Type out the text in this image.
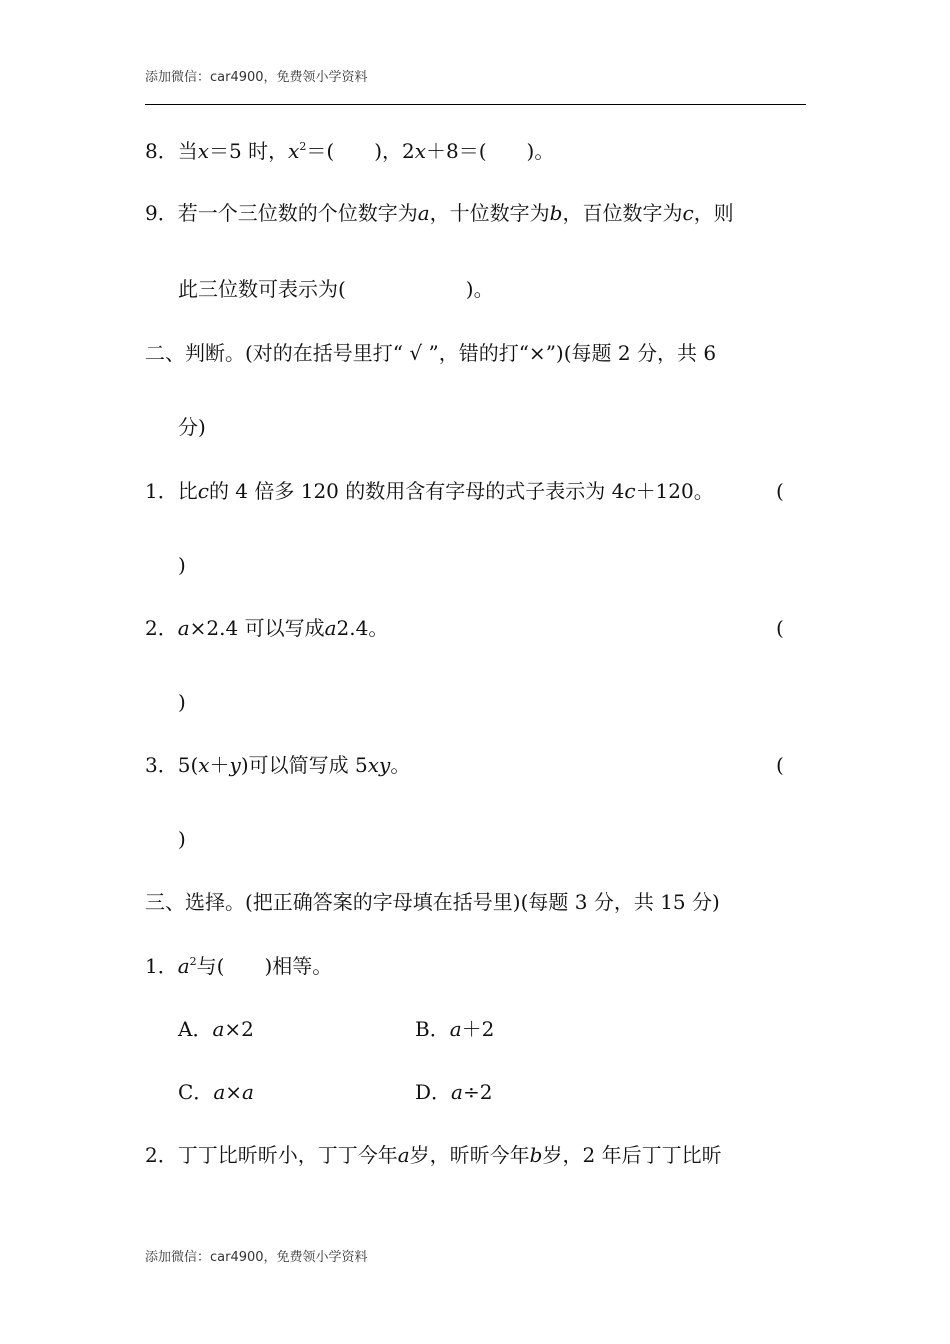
添加微信：car4900，免费领小学资料
8．当x＝5 时，$x^2=$(　　)，2x＋8＝(　　)。
9．若一个三位数的个位数字为a，十位数字为b，百位数字为c，则
此三位数可表示为(　　　　　　)。
二、判断。(对的在括号里打“ √ ”，错的打“×”)(每题 2 分，共 6
分)
1．比c的 4 倍多 120 的数用含有字母的式子表示为 4c＋120。	(
)
2．a×2.4 可以写成a2.4。	(
)
3．5(x＋y)可以简写成 5xy。	(
)
三、选择。(把正确答案的字母填在括号里)(每题 3 分，共 15 分)
1．$a^2$与(　　)相等。
A．a×2	B．a＋2
C．a×a	D．a÷2
2．丁丁比昕昕小，丁丁今年a岁，昕昕今年b岁，2 年后丁丁比昕
添加微信：car4900，免费领小学资料
